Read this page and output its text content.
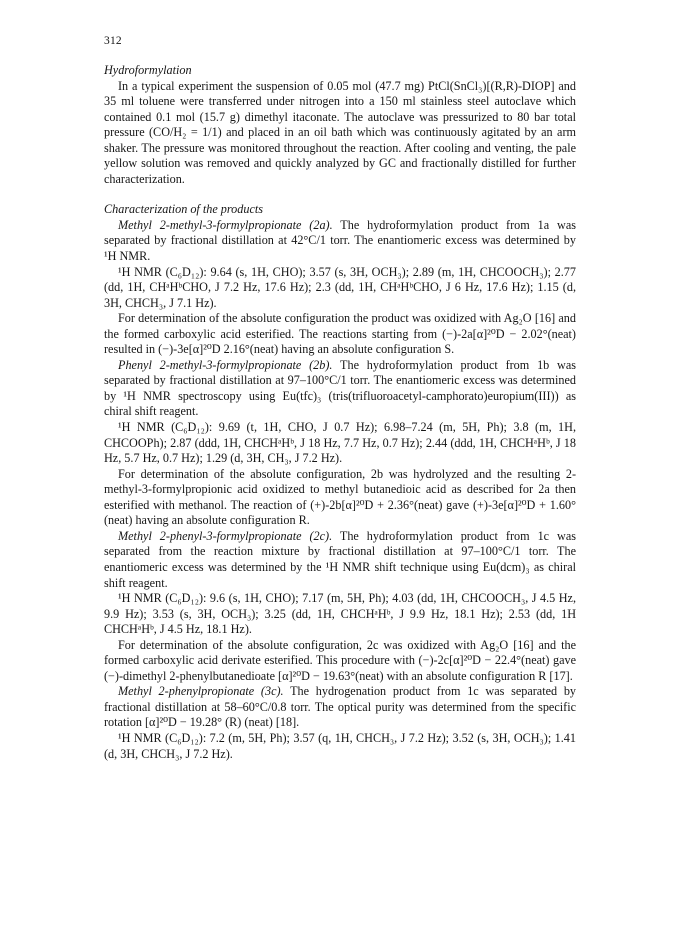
312

Hydroformylation

In a typical experiment the suspension of 0.05 mol (47.7 mg) PtCl(SnCl₃)[(R,R)-DIOP] and 35 ml toluene were transferred under nitrogen into a 150 ml stainless steel autoclave which contained 0.1 mol (15.7 g) dimethyl itaconate. The autoclave was pressurized to 80 bar total pressure (CO/H₂ = 1/1) and placed in an oil bath which was continuously agitated by an arm shaker. The pressure was monitored throughout the reaction. After cooling and venting, the pale yellow solution was removed and quickly analyzed by GC and fractionally distilled for further characterization.

Characterization of the products

Methyl 2-methyl-3-formylpropionate (2a). The hydroformylation product from 1a was separated by fractional distillation at 42°C/1 torr. The enantiomeric excess was determined by ¹H NMR.

¹H NMR (C₆D₁₂): 9.64 (s, 1H, CHO); 3.57 (s, 3H, OCH₃); 2.89 (m, 1H, CHCOOCH₃); 2.77 (dd, 1H, CHᵃHᵇCHO, J 7.2 Hz, 17.6 Hz); 2.3 (dd, 1H, CHᵃHᵇCHO, J 6 Hz, 17.6 Hz); 1.15 (d, 3H, CHCH₃, J 7.1 Hz).

For determination of the absolute configuration the product was oxidized with Ag₂O [16] and the formed carboxylic acid esterified. The reactions starting from (−)-2a[α]²⁰D − 2.02°(neat) resulted in (−)-3e[α]²⁰D 2.16°(neat) having an absolute configuration S.

Phenyl 2-methyl-3-formylpropionate (2b). The hydroformylation product from 1b was separated by fractional distillation at 97–100°C/1 torr. The enantiomeric excess was determined by ¹H NMR spectroscopy using Eu(tfc)₃ (tris(trifluoroacetyl-camphorato)europium(III)) as chiral shift reagent.

¹H NMR (C₆D₁₂): 9.69 (t, 1H, CHO, J 0.7 Hz); 6.98–7.24 (m, 5H, Ph); 3.8 (m, 1H, CHCOOPh); 2.87 (ddd, 1H, CHCHᵃHᵇ, J 18 Hz, 7.7 Hz, 0.7 Hz); 2.44 (ddd, 1H, CHCHᵃHᵇ, J 18 Hz, 5.7 Hz, 0.7 Hz); 1.29 (d, 3H, CH₃, J 7.2 Hz).

For determination of the absolute configuration, 2b was hydrolyzed and the resulting 2-methyl-3-formylpropionic acid oxidized to methyl butanedioic acid as described for 2a then esterified with methanol. The reaction of (+)-2b[α]²⁰D + 2.36°(neat) gave (+)-3e[α]²⁰D + 1.60°(neat) having an absolute configuration R.

Methyl 2-phenyl-3-formylpropionate (2c). The hydroformylation product from 1c was separated from the reaction mixture by fractional distillation at 97–100°C/1 torr. The enantiomeric excess was determined by the ¹H NMR shift technique using Eu(dcm)₃ as chiral shift reagent.

¹H NMR (C₆D₁₂): 9.6 (s, 1H, CHO); 7.17 (m, 5H, Ph); 4.03 (dd, 1H, CHCOOCH₃, J 4.5 Hz, 9.9 Hz); 3.53 (s, 3H, OCH₃); 3.25 (dd, 1H, CHCHᵃHᵇ, J 9.9 Hz, 18.1 Hz); 2.53 (dd, 1H CHCHᵃHᵇ, J 4.5 Hz, 18.1 Hz).

For determination of the absolute configuration, 2c was oxidized with Ag₂O [16] and the formed carboxylic acid derivate esterified. This procedure with (−)-2c[α]²⁰D − 22.4°(neat) gave (−)-dimethyl 2-phenylbutanedioate [α]²⁰D − 19.63°(neat) with an absolute configuration R [17].

Methyl 2-phenylpropionate (3c). The hydrogenation product from 1c was separated by fractional distillation at 58–60°C/0.8 torr. The optical purity was determined from the specific rotation [α]²⁰D − 19.28° (R) (neat) [18].

¹H NMR (C₆D₁₂): 7.2 (m, 5H, Ph); 3.57 (q, 1H, CHCH₃, J 7.2 Hz); 3.52 (s, 3H, OCH₃); 1.41 (d, 3H, CHCH₃, J 7.2 Hz).
